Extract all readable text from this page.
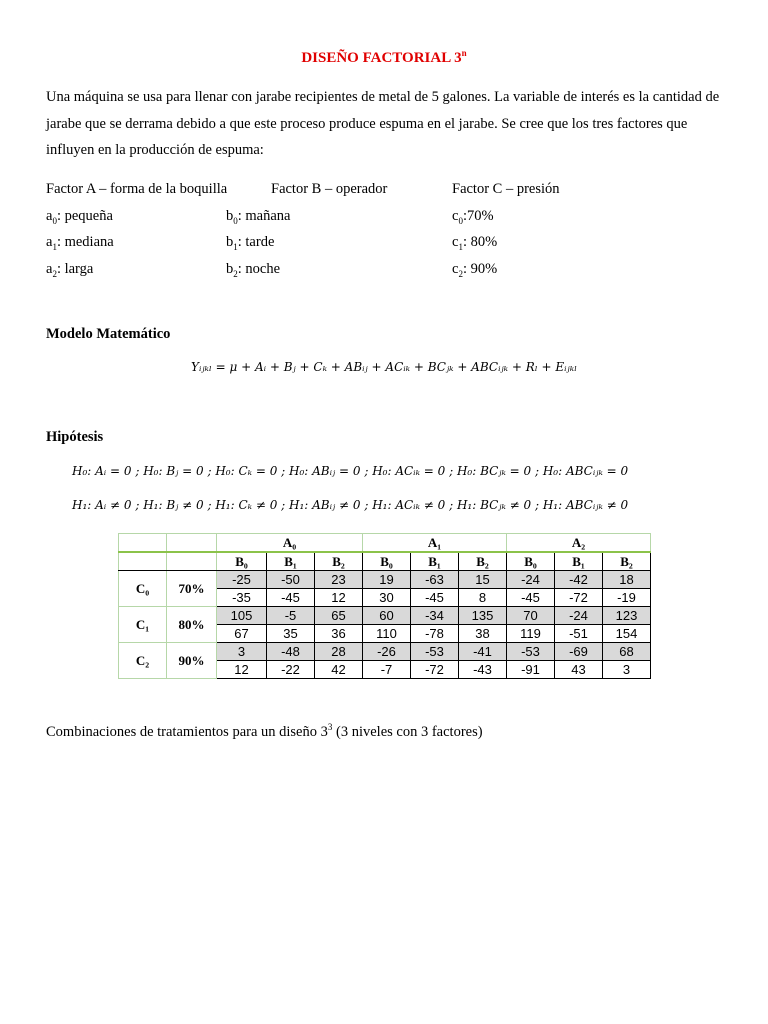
DISEÑO FACTORIAL 3$^n$
Una máquina se usa para llenar con jarabe recipientes de metal de 5 galones. La variable de interés es la cantidad de jarabe que se derrama debido a que este proceso produce espuma en el jarabe. Se cree que los tres factores que influyen en la producción de espuma:
Factor A – forma de la boquilla	Factor B – operador	Factor C – presión
$a_0$: pequeña	$b_0$: mañana	$c_0:70\%$
$a_1$: mediana	$b_1$: tarde	$c_1$: 80%
$a_2$: larga	$b_2$: noche	$c_2$: 90%
Modelo Matemático
Yᵢⱼₖₗ = μ + Aᵢ + Bⱼ + Cₖ + ABᵢⱼ + ACᵢₖ + BCⱼₖ + ABCᵢⱼₖ + Rₗ + Eᵢⱼₖₗ
Hipótesis
H₀: Aᵢ = 0 ; H₀: Bⱼ = 0 ; H₀: Cₖ = 0 ; H₀: ABᵢⱼ = 0 ; H₀: ACᵢₖ = 0 ; H₀: BCⱼₖ = 0 ; H₀: ABCᵢⱼₖ = 0
H₁: Aᵢ ≠ 0 ; H₁: Bⱼ ≠ 0 ; H₁: Cₖ ≠ 0 ; H₁: ABᵢⱼ ≠ 0 ; H₁: ACᵢₖ ≠ 0 ; H₁: BCⱼₖ ≠ 0 ; H₁: ABCᵢⱼₖ ≠ 0
		A₀			A₁			A₂		
		B₀	B₁	B₂	B₀	B₁	B₂	B₀	B₁	B₂
C₀	70%	-25	-50	23	19	-63	15	-24	-42	18
		-35	-45	12	30	-45	8	-45	-72	-19
C₁	80%	105	-5	65	60	-34	135	70	-24	123
		67	35	36	110	-78	38	119	-51	154
C₂	90%	3	-48	28	-26	-53	-41	-53	-69	68
		12	-22	42	-7	-72	-43	-91	43	3
Combinaciones de tratamientos para un diseño $3^3$ (3 niveles con 3 factores)
